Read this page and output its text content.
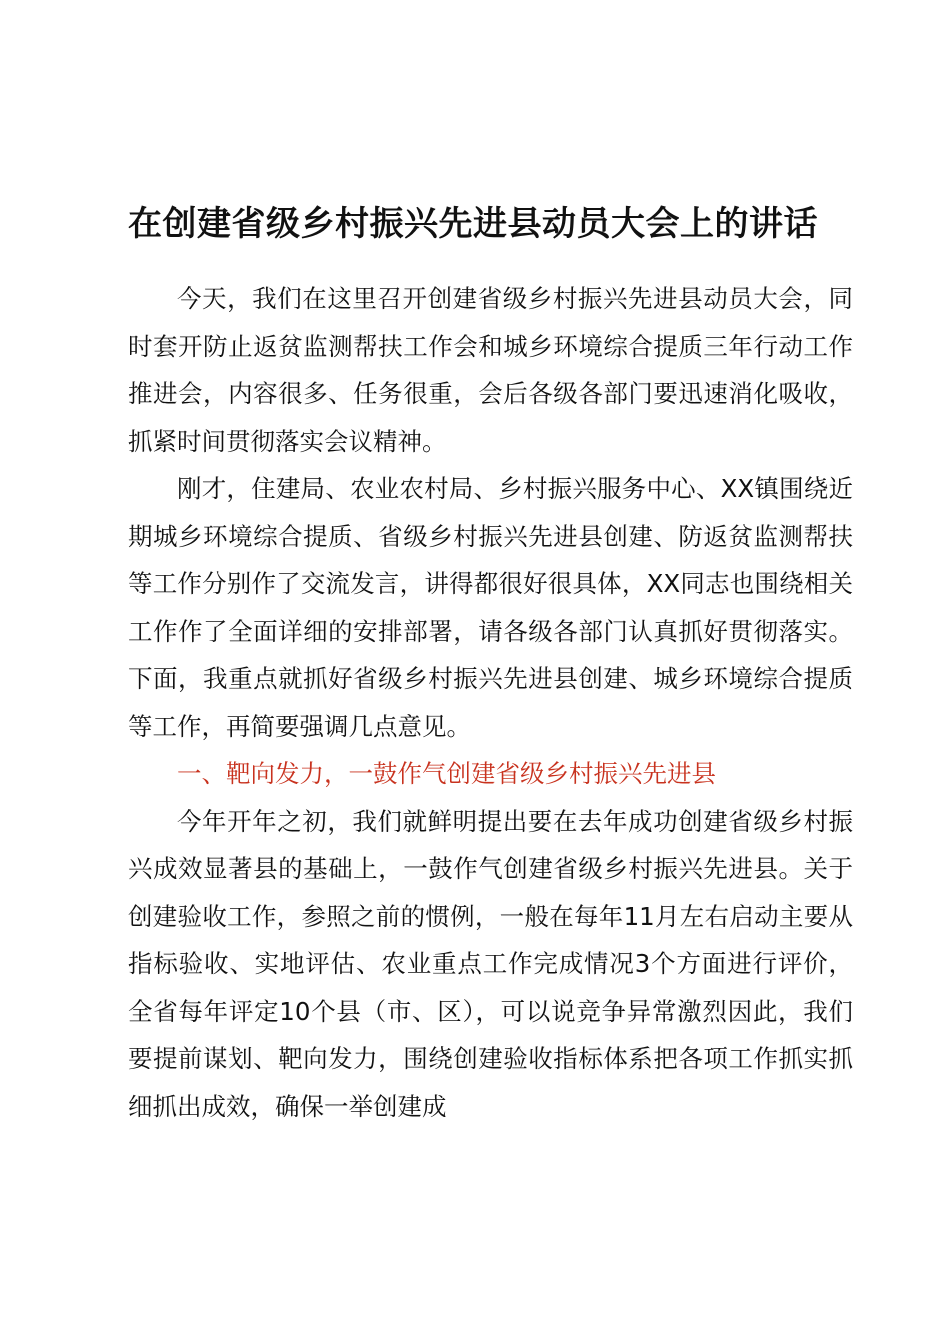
在创建省级乡村振兴先进县动员大会上的讲话

今天，我们在这里召开创建省级乡村振兴先进县动员大会，同时套开防止返贫监测帮扶工作会和城乡环境综合提质三年行动工作推进会，内容很多、任务很重，会后各级各部门要迅速消化吸收，抓紧时间贯彻落实会议精神。

刚才，住建局、农业农村局、乡村振兴服务中心、XX镇围绕近期城乡环境综合提质、省级乡村振兴先进县创建、防返贫监测帮扶等工作分别作了交流发言，讲得都很好很具体，XX同志也围绕相关工作作了全面详细的安排部署，请各级各部门认真抓好贯彻落实。下面，我重点就抓好省级乡村振兴先进县创建、城乡环境综合提质等工作，再简要强调几点意见。

一、靶向发力，一鼓作气创建省级乡村振兴先进县

今年开年之初，我们就鲜明提出要在去年成功创建省级乡村振兴成效显著县的基础上，一鼓作气创建省级乡村振兴先进县。关于创建验收工作，参照之前的惯例，一般在每年11月左右启动主要从指标验收、实地评估、农业重点工作完成情况3个方面进行评价，全省每年评定10个县（市、区），可以说竞争异常激烈因此，我们要提前谋划、靶向发力，围绕创建验收指标体系把各项工作抓实抓细抓出成效，确保一举创建成
